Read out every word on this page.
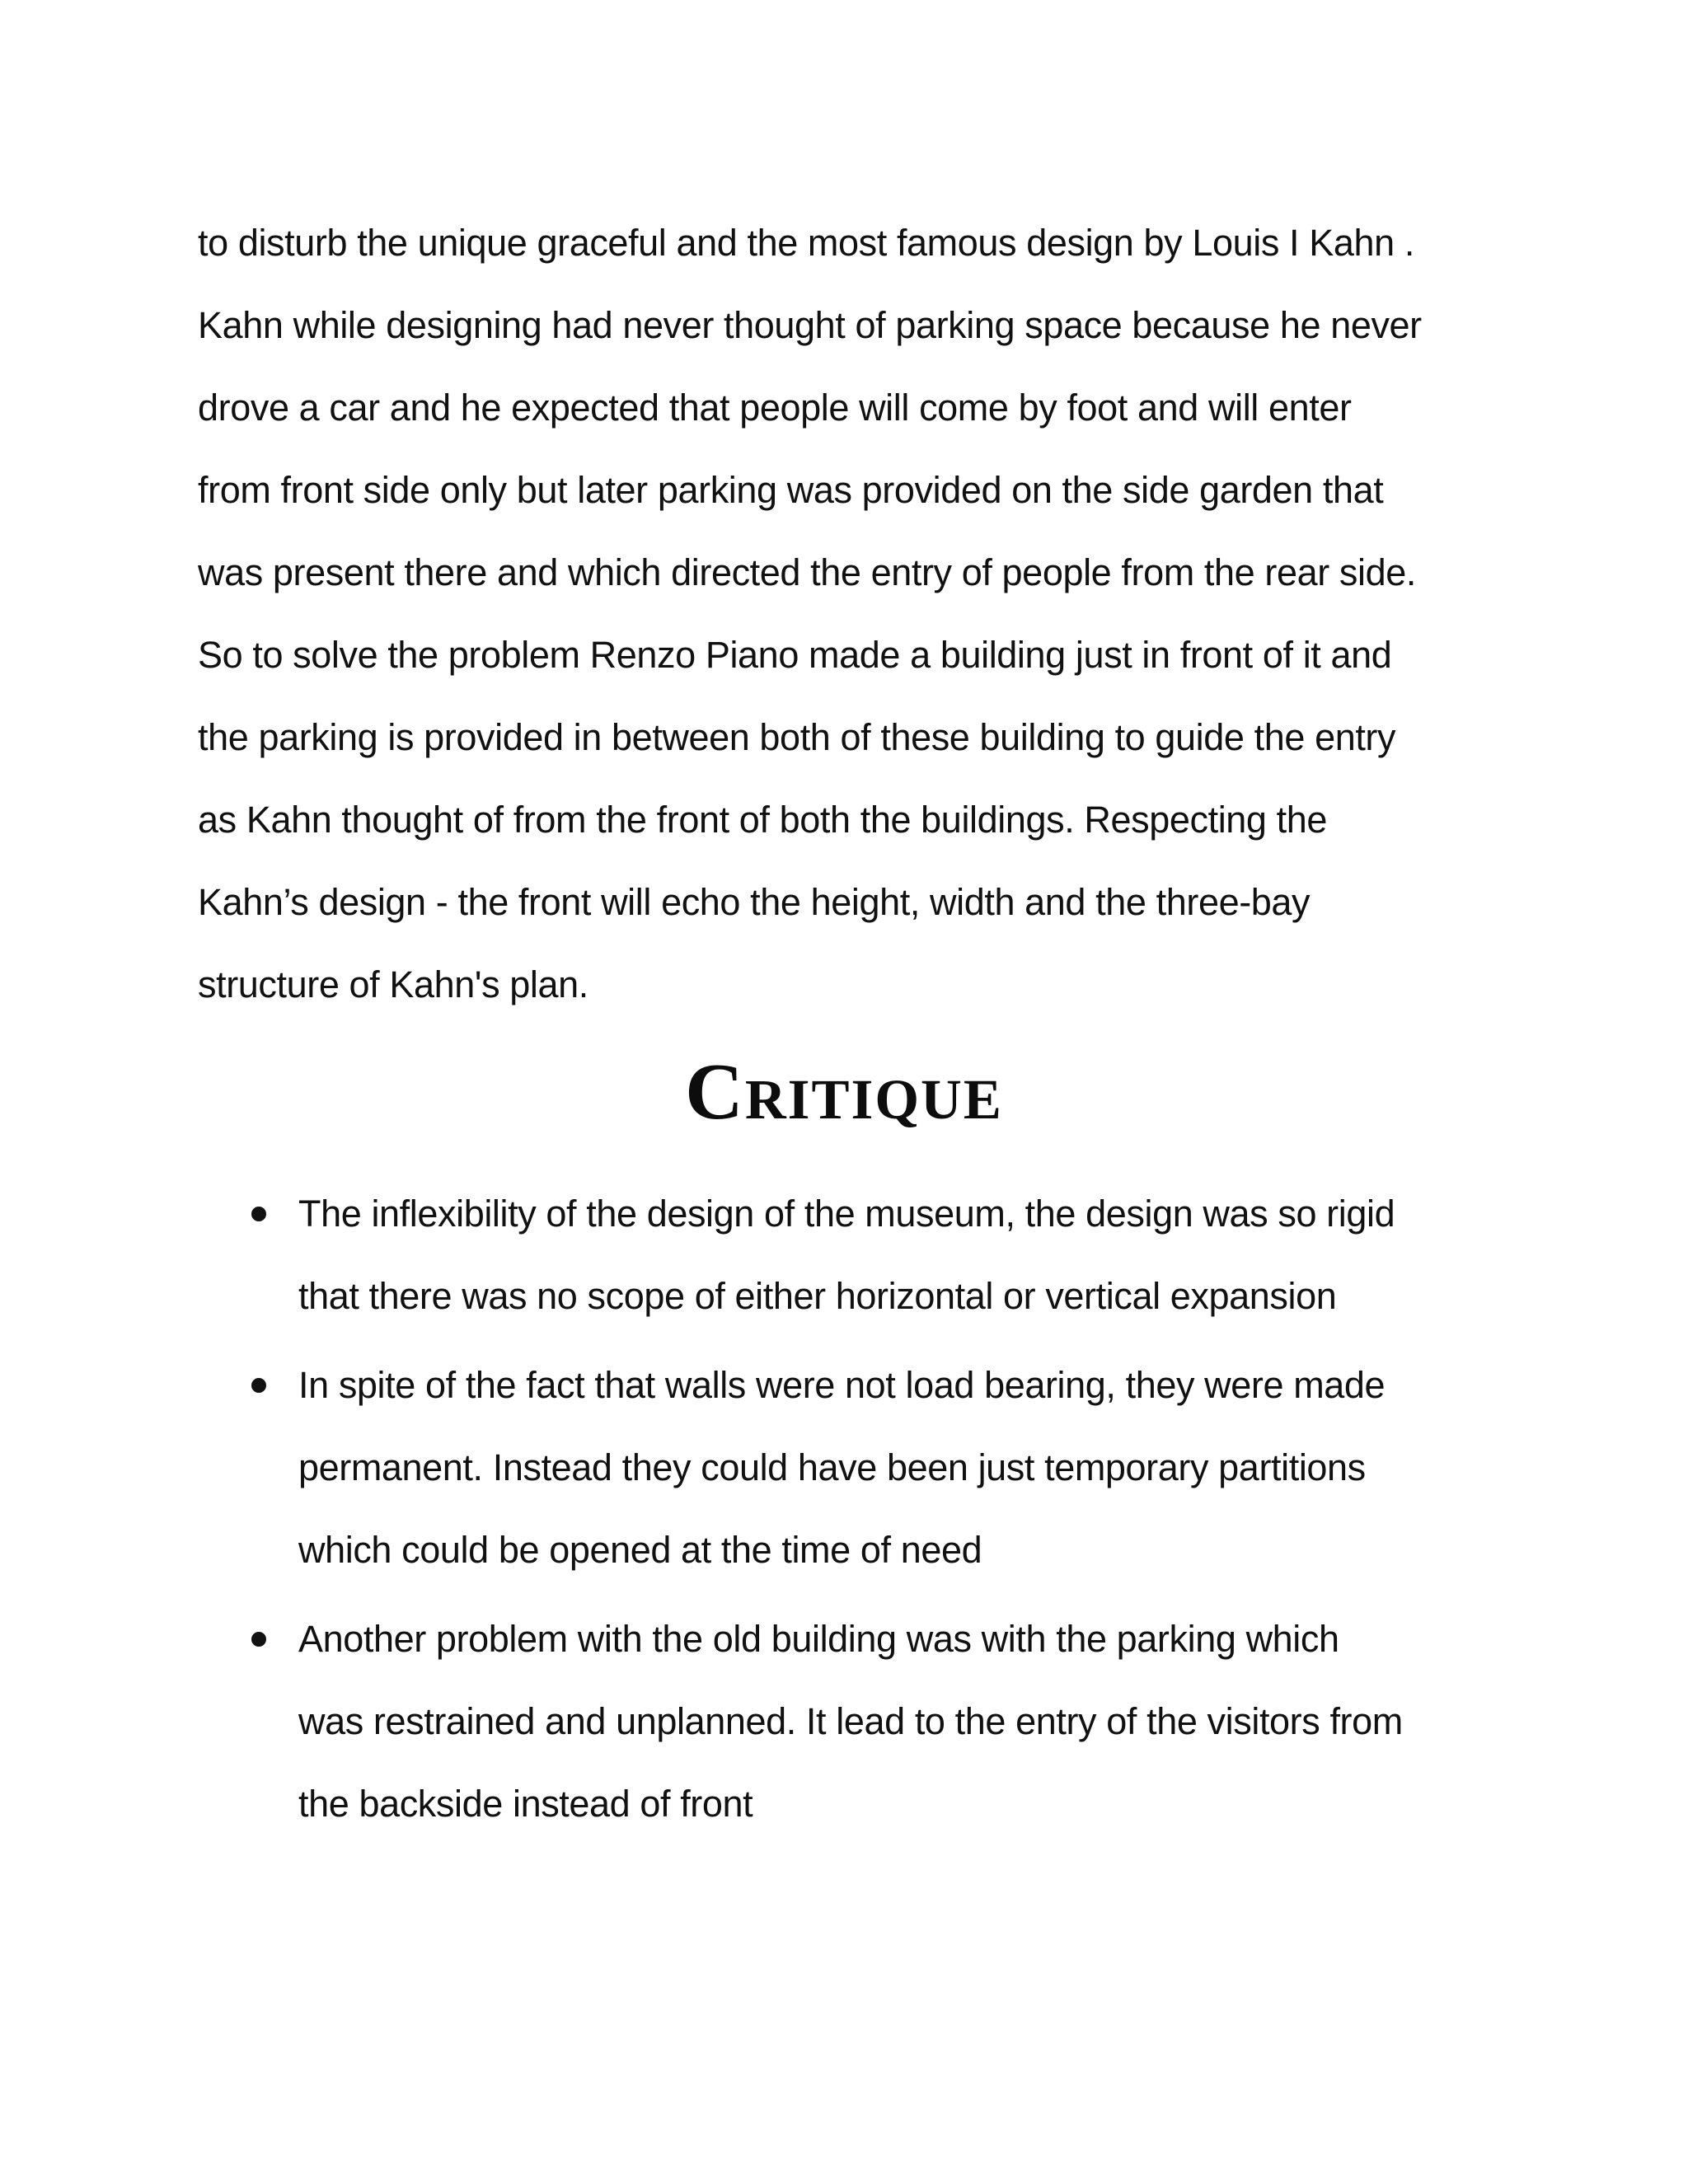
to disturb the unique graceful and the most famous design by Louis I Kahn .
Kahn while designing had never thought of parking space because he never
drove a car and he expected that people will come by foot and will enter
from front side only but later parking was provided on the side garden that
was present there and which directed the entry of people from the rear side.
So to solve the problem Renzo Piano made a building just in front of it and
the parking is provided in between both of these building to guide the entry
as Kahn thought of from the front of both the buildings. Respecting the
Kahn’s design - the front will echo the height, width and the three-bay
structure of Kahn's plan.
Critique
The inflexibility of the design of the museum, the design was so rigid
that there was no scope of either horizontal or vertical expansion
In spite of the fact that walls were not load bearing, they were made
permanent. Instead they could have been just temporary partitions
which could be opened at the time of need
Another problem with the old building was with the parking which
was restrained and unplanned. It lead to the entry of the visitors from
the backside instead of front
